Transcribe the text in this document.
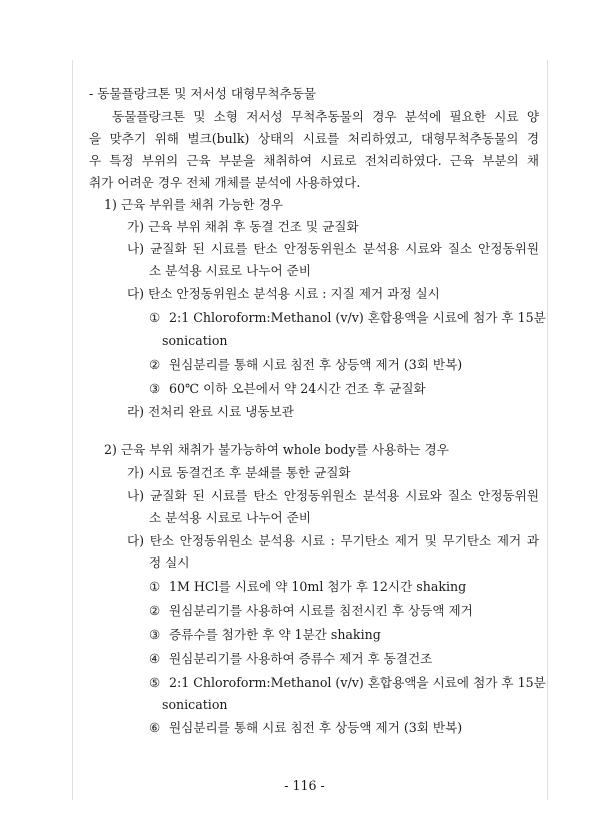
- 동물플랑크톤 및 저서성 대형무척추동물
동물플랑크톤 및 소형 저서성 무척추동물의 경우 분석에 필요한 시료 양
을 맞추기 위해 벌크(bulk) 상태의 시료를 처리하였고, 대형무척추동물의 경
우 특정 부위의 근육 부분을 채취하여 시료로 전처리하였다. 근육 부분의 채
취가 어려운 경우 전체 개체를 분석에 사용하였다.
1) 근육 부위를 채취 가능한 경우
가) 근육 부위 채취 후 동결 건조 및 균질화
나) 균질화 된 시료를 탄소 안정동위원소 분석용 시료와 질소 안정동위원
소 분석용 시료로 나누어 준비
다) 탄소 안정동위원소 분석용 시료 : 지질 제거 과정 실시
① 2:1 Chloroform:Methanol (v/v) 혼합용액을 시료에 첨가 후 15분
sonication
② 원심분리를 통해 시료 침전 후 상등액 제거 (3회 반복)
③ 60℃ 이하 오븐에서 약 24시간 건조 후 균질화
라) 전처리 완료 시료 냉동보관
2) 근육 부위 채취가 불가능하여 whole body를 사용하는 경우
가) 시료 동결건조 후 분쇄를 통한 균질화
나) 균질화 된 시료를 탄소 안정동위원소 분석용 시료와 질소 안정동위원
소 분석용 시료로 나누어 준비
다) 탄소 안정동위원소 분석용 시료 : 무기탄소 제거 및 무기탄소 제거 과
정 실시
① 1M HCl를 시료에 약 10ml 첨가 후 12시간 shaking
② 원심분리기를 사용하여 시료를 침전시킨 후 상등액 제거
③ 증류수를 첨가한 후 약 1분간 shaking
④ 원심분리기를 사용하여 증류수 제거 후 동결건조
⑤ 2:1 Chloroform:Methanol (v/v) 혼합용액을 시료에 첨가 후 15분
sonication
⑥ 원심분리를 통해 시료 침전 후 상등액 제거 (3회 반복)
- 116 -
